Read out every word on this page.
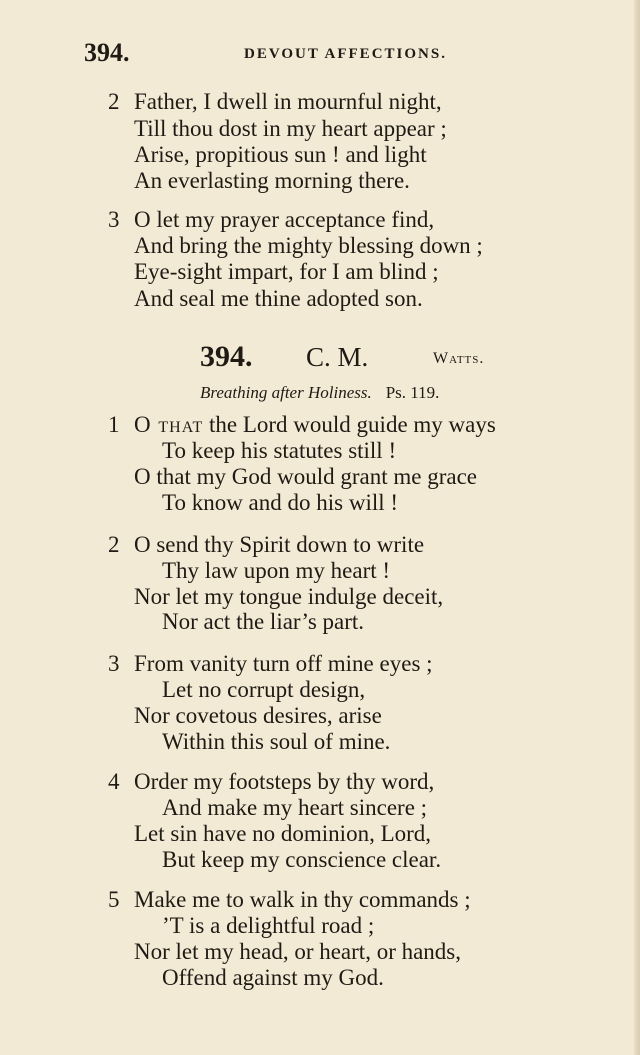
394.	DEVOUT AFFECTIONS.
2 Father, I dwell in mournful night,
Till thou dost in my heart appear ;
Arise, propitious sun ! and light
An everlasting morning there.
3 O let my prayer acceptance find,
And bring the mighty blessing down ;
Eye-sight impart, for I am blind ;
And seal me thine adopted son.
394. C. M.	Watts.
Breathing after Holiness. Ps. 119.
1 O that the Lord would guide my ways
To keep his statutes still !
O that my God would grant me grace
To know and do his will !
2 O send thy Spirit down to write
Thy law upon my heart !
Nor let my tongue indulge deceit,
Nor act the liar’s part.
3 From vanity turn off mine eyes ;
Let no corrupt design,
Nor covetous desires, arise
Within this soul of mine.
4 Order my footsteps by thy word,
And make my heart sincere ;
Let sin have no dominion, Lord,
But keep my conscience clear.
5 Make me to walk in thy commands ;
’T is a delightful road ;
Nor let my head, or heart, or hands,
Offend against my God.
